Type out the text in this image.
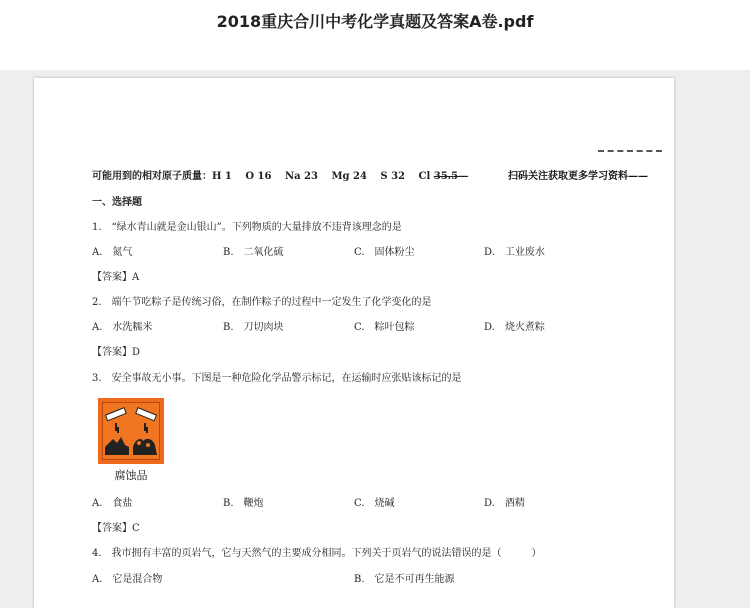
2018重庆合川中考化学真题及答案A卷.pdf
可能用到的相对原子质量：H 1　 O 16　 Na 23　 Mg 24　 S 32　 Cl 35.5—	扫码关注获取更多学习资料——
一、选择题
1.　“绿水青山就是金山银山”。下列物质的大量排放不违背该理念的是
A.　氮气	B.　二氧化硫	C.　固体粉尘	D.　工业废水
【答案】A
2.　端午节吃粽子是传统习俗，在制作粽子的过程中一定发生了化学变化的是
A.　水洗糯米	B.　刀切肉块	C.　粽叶包粽	D.　烧火煮粽
【答案】D
3.　安全事故无小事。下图是一种危险化学品警示标记，在运输时应张贴该标记的是
腐蚀品
A.　食盐	B.　鞭炮	C.　烧碱	D.　酒精
【答案】C
4.　我市拥有丰富的页岩气，它与天然气的主要成分相同。下列关于页岩气的说法错误的是（　　　）
A.　它是混合物	B.　它是不可再生能源
